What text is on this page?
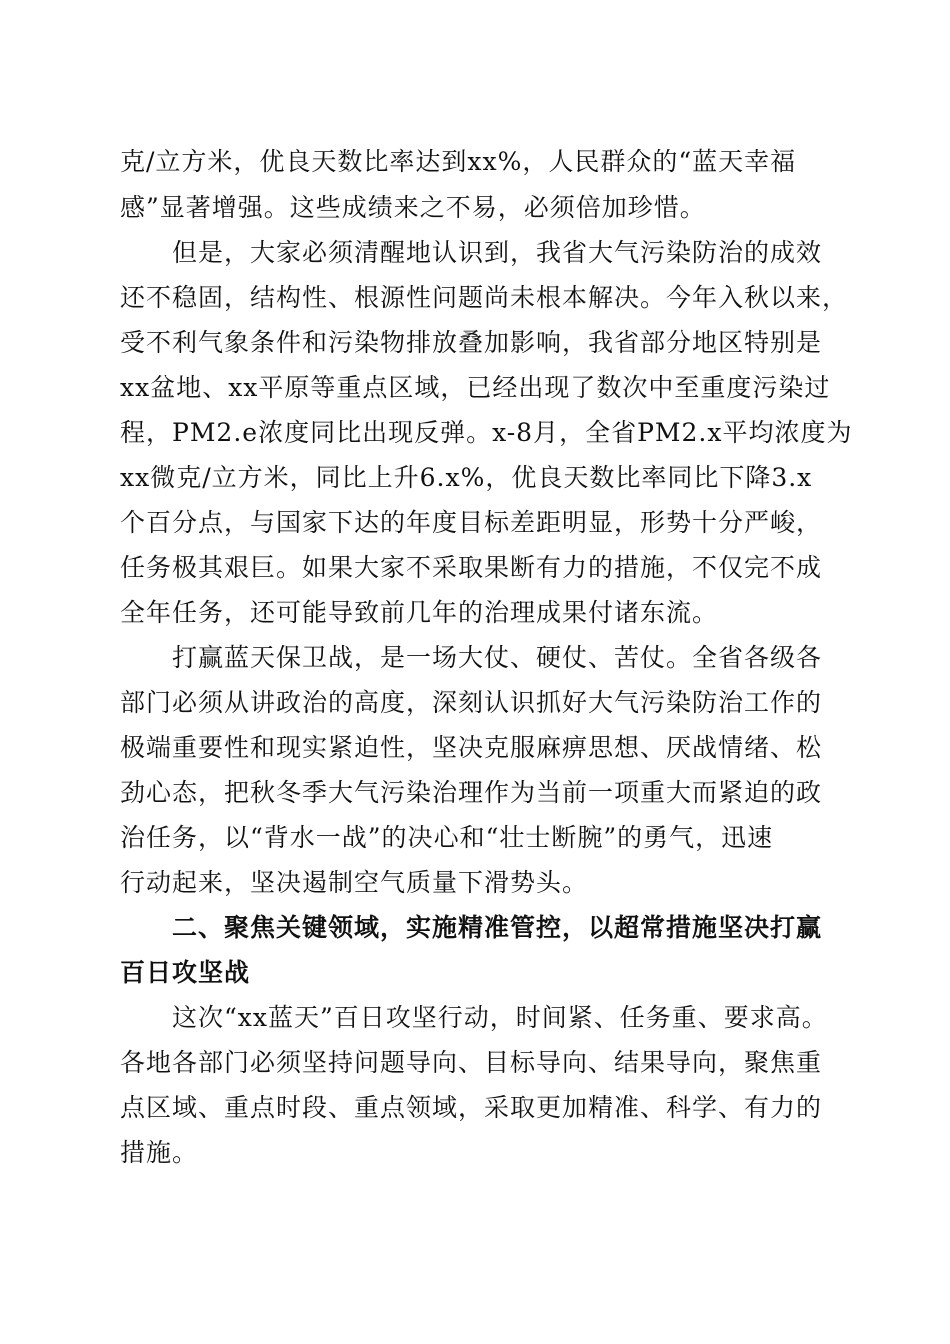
克/立方米，优良天数比率达到xx%，人民群众的“蓝天幸福
感”显著增强。这些成绩来之不易，必须倍加珍惜。
但是，大家必须清醒地认识到，我省大气污染防治的成效
还不稳固，结构性、根源性问题尚未根本解决。今年入秋以来，
受不利气象条件和污染物排放叠加影响，我省部分地区特别是
xx盆地、xx平原等重点区域，已经出现了数次中至重度污染过
程，PM2.e浓度同比出现反弹。x-8月，全省PM2.x平均浓度为
xx微克/立方米，同比上升6.x%，优良天数比率同比下降3.x
个百分点，与国家下达的年度目标差距明显，形势十分严峻，
任务极其艰巨。如果大家不采取果断有力的措施，不仅完不成
全年任务，还可能导致前几年的治理成果付诸东流。
打赢蓝天保卫战，是一场大仗、硬仗、苦仗。全省各级各
部门必须从讲政治的高度，深刻认识抓好大气污染防治工作的
极端重要性和现实紧迫性，坚决克服麻痹思想、厌战情绪、松
劲心态，把秋冬季大气污染治理作为当前一项重大而紧迫的政
治任务，以“背水一战”的决心和“壮士断腕”的勇气，迅速
行动起来，坚决遏制空气质量下滑势头。
二、聚焦关键领域，实施精准管控，以超常措施坚决打赢
百日攻坚战
这次“xx蓝天”百日攻坚行动，时间紧、任务重、要求高。
各地各部门必须坚持问题导向、目标导向、结果导向，聚焦重
点区域、重点时段、重点领域，采取更加精准、科学、有力的
措施。
